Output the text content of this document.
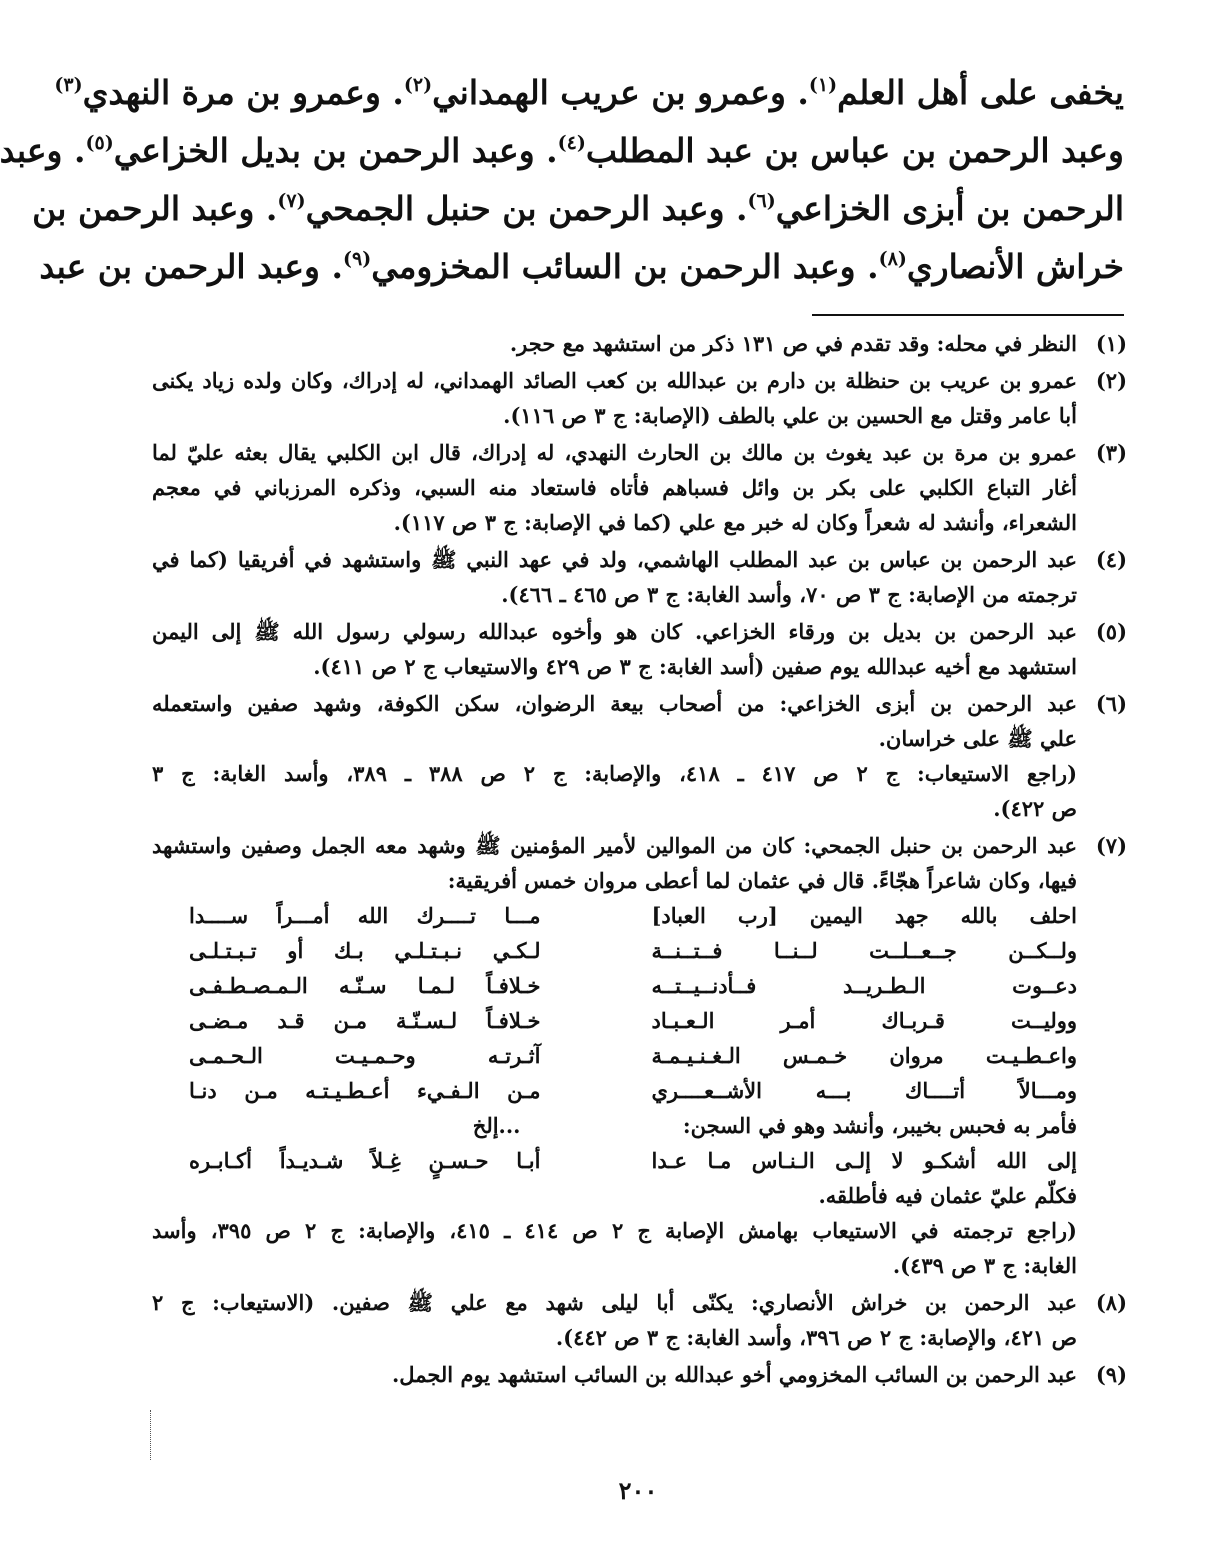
يخفى على أهل العلم$^{(١)}$. وعمرو بن عريب الهمداني$^{(٢)}$. وعمرو بن مرة النهدي$^{(٣)}$
وعبد الرحمن بن عباس بن عبد المطلب$^{(٤)}$. وعبد الرحمن بن بديل الخزاعي$^{(٥)}$. وعبد
الرحمن بن أبزى الخزاعي$^{(٦)}$. وعبد الرحمن بن حنبل الجمحي$^{(٧)}$. وعبد الرحمن بن
خراش الأنصاري$^{(٨)}$. وعبد الرحمن بن السائب المخزومي$^{(٩)}$. وعبد الرحمن بن عبد
(١)
النظر في محله: وقد تقدم في ص ١٣١ ذكر من استشهد مع حجر.
(٢)
عمرو بن عريب بن حنظلة بن دارم بن عبدالله بن كعب الصائد الهمداني، له إدراك، وكان ولده زياد يكنى
أبا عامر وقتل مع الحسين بن علي بالطف (الإصابة: ج ٣ ص ١١٦).
(٣)
عمرو بن مرة بن عبد يغوث بن مالك بن الحارث النهدي، له إدراك، قال ابن الكلبي يقال بعثه عليّ لما
أغار التباع الكلبي على بكر بن وائل فسباهم فأتاه فاستعاد منه السبي، وذكره المرزباني في معجم
الشعراء، وأنشد له شعراً وكان له خبر مع علي (كما في الإصابة: ج ٣ ص ١١٧).
(٤)
عبد الرحمن بن عباس بن عبد المطلب الهاشمي، ولد في عهد النبي ﷺ واستشهد في أفريقيا (كما في
ترجمته من الإصابة: ج ٣ ص ٧٠، وأسد الغابة: ج ٣ ص ٤٦٥ ـ ٤٦٦).
(٥)
عبد الرحمن بن بديل بن ورقاء الخزاعي. كان هو وأخوه عبدالله رسولي رسول الله ﷺ إلى اليمن
استشهد مع أخيه عبدالله يوم صفين (أسد الغابة: ج ٣ ص ٤٢٩ والاستيعاب ج ٢ ص ٤١١).
(٦)
عبد الرحمن بن أبزى الخزاعي: من أصحاب بيعة الرضوان، سكن الكوفة، وشهد صفين واستعمله
علي ﷺ على خراسان.
(راجع الاستيعاب: ج ٢ ص ٤١٧ ـ ٤١٨، والإصابة: ج ٢ ص ٣٨٨ ـ ٣٨٩، وأسد الغابة: ج ٣
ص ٤٢٢).
(٧)
عبد الرحمن بن حنبل الجمحي: كان من الموالين لأمير المؤمنين ﷺ وشهد معه الجمل وصفين واستشهد
فيها، وكان شاعراً هجّاءً. قال في عثمان لما أعطى مروان خمس أفريقية:
احلف بالله جهد اليمين [رب العباد]
مـــا تــــرك الله أمـــراً ســــدا
ولــكــن جــعــلــت لــنــا فــتــنــة
لـكـي نـبـتـلـي بـك أو تـبـتـلـى
دعــوت الـطـريــد فــأدنــيــتــه
خـلافـاً لـمـا سـنّـه الـمـصـطـفـى
ووليــت قـربـاك أمـر الـعـبـاد
خـلافـاً لـسـنّـة مـن قـد مـضـى
واعـطـيـت مروان خـمـس الـغـنـيـمـة
آثـرتـه وحـمـيـت الـحـمـى
ومـــالاً أتــــاك بـــه الأشــعــــري
مـن الـفـيء أعـطـيـتـه مـن دنـا
فأمر به فحبس بخيبر، وأنشد وهو في السجن:
...إلخ
إلى الله أشكـو لا إلـى الـنـاس مـا عـدا
أبـا حـسـنٍ غِـلاً شـديـداً أكـابـره
فكلّم عليّ عثمان فيه فأطلقه.
(راجع ترجمته في الاستيعاب بهامش الإصابة ج ٢ ص ٤١٤ ـ ٤١٥، والإصابة: ج ٢ ص ٣٩٥، وأسد
الغابة: ج ٣ ص ٤٣٩).
(٨)
عبد الرحمن بن خراش الأنصاري: يكنّى أبا ليلى شهد مع علي ﷺ صفين. (الاستيعاب: ج ٢
ص ٤٢١، والإصابة: ج ٢ ص ٣٩٦، وأسد الغابة: ج ٣ ص ٤٤٢).
(٩)
عبد الرحمن بن السائب المخزومي أخو عبدالله بن السائب استشهد يوم الجمل.
٢٠٠
